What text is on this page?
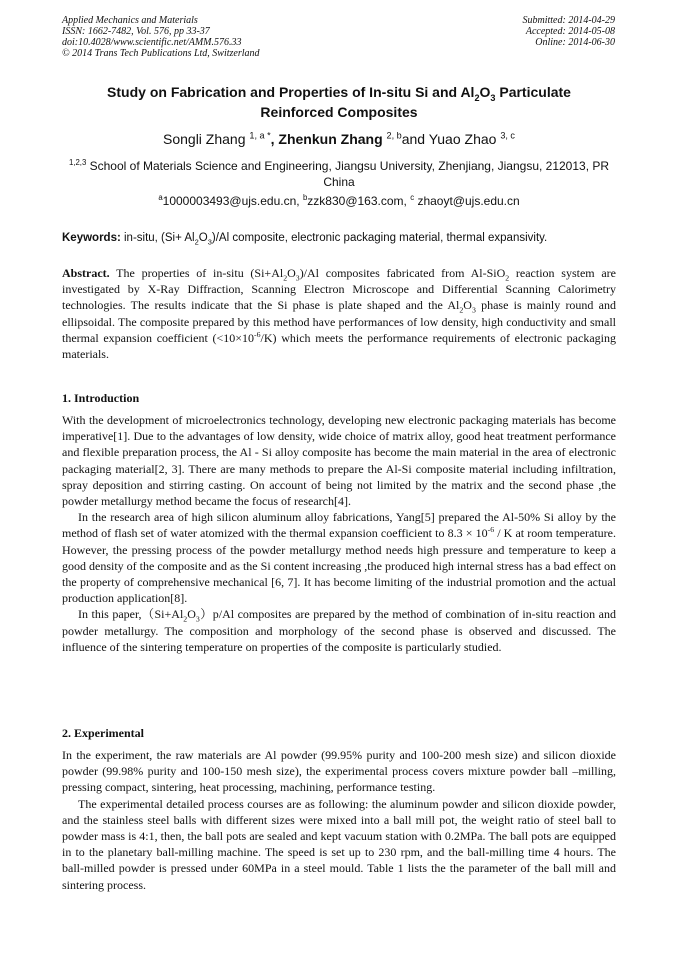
Applied Mechanics and Materials
ISSN: 1662-7482, Vol. 576, pp 33-37
doi:10.4028/www.scientific.net/AMM.576.33
© 2014 Trans Tech Publications Ltd, Switzerland
Submitted: 2014-04-29
Accepted: 2014-05-08
Online: 2014-06-30
Study on Fabrication and Properties of In-situ Si and $Al_2O_3$ Particulate
Reinforced Composites
Songli Zhang $^{1, a *}$, Zhenkun Zhang $^{2, b}$and Yuao Zhao $^{3, c}$
$^{1,2,3}$ School of Materials Science and Engineering, Jiangsu University, Zhenjiang, Jiangsu, 212013, PR China
$^a$1000003493@ujs.edu.cn, $^b$zzk830@163.com, $^c$ zhaoyt@ujs.edu.cn
Keywords: in-situ, $(Si+ Al_2O_3)/Al$ composite, electronic packaging material, thermal expansivity.

Abstract. The properties of in-situ $(Si+Al_2O_3)/Al$ composites fabricated from Al-SiO$_2$ reaction system are investigated by X-Ray Diffraction, Scanning Electron Microscope and Differential Scanning Calorimetry technologies. The results indicate that the Si phase is plate shaped and the $Al_2O_3$ phase is mainly round and ellipsoidal. The composite prepared by this method have performances of low density, high conductivity and small thermal expansion coefficient $(<10\times 10^{-6}/K)$ which meets the performance requirements of electronic packaging materials.

1. Introduction

With the development of microelectronics technology, developing new electronic packaging materials has become imperative[1]. Due to the advantages of low density, wide choice of matrix alloy, good heat treatment performance and flexible preparation process, the Al - Si alloy composite has become the main material in the area of electronic packaging material[2, 3]. There are many methods to prepare the Al-Si composite material including infiltration, spray deposition and stirring casting. On account of being not limited by the matrix and the second phase ,the powder metallurgy method became the focus of research[4].

In the research area of high silicon aluminum alloy fabrications, Yang[5] prepared the Al-50% Si alloy by the method of flash set of water atomized with the thermal expansion coefficient to $8.3 \times 10^{-6} / K$ at room temperature. However, the pressing process of the powder metallurgy method needs high pressure and temperature to keep a good density of the composite and as the Si content increasing ,the produced high internal stress has a bad effect on the property of comprehensive mechanical [6, 7]. It has become limiting of the industrial promotion and the actual production application[8].

In this $paper,(Si+Al_2O_3)p/Al$ composites are prepared by the method of combination of in-situ reaction and powder metallurgy. The composition and morphology of the second phase is observed and discussed. The influence of the sintering temperature on properties of the composite is particularly studied.

2. Experimental

In the experiment, the raw materials are Al powder (99.95% purity and 100-200 mesh size) and silicon dioxide powder (99.98% purity and 100-150 mesh size), the experimental process covers mixture powder ball –milling, pressing compact, sintering, heat processing, machining, performance testing.

The experimental detailed process courses are as following: the aluminum powder and silicon dioxide powder, and the stainless steel balls with different sizes were mixed into a ball mill pot, the weight ratio of steel ball to powder mass is 4:1, then, the ball pots are sealed and kept vacuum station with 0.2MPa. The ball pots are equipped in to the planetary ball-milling machine. The speed is set up to 230 rpm, and the ball-milling time 4 hours. The ball-milled powder is pressed under 60MPa in a steel mould. Table 1 lists the the parameter of the ball mill and sintering process.
